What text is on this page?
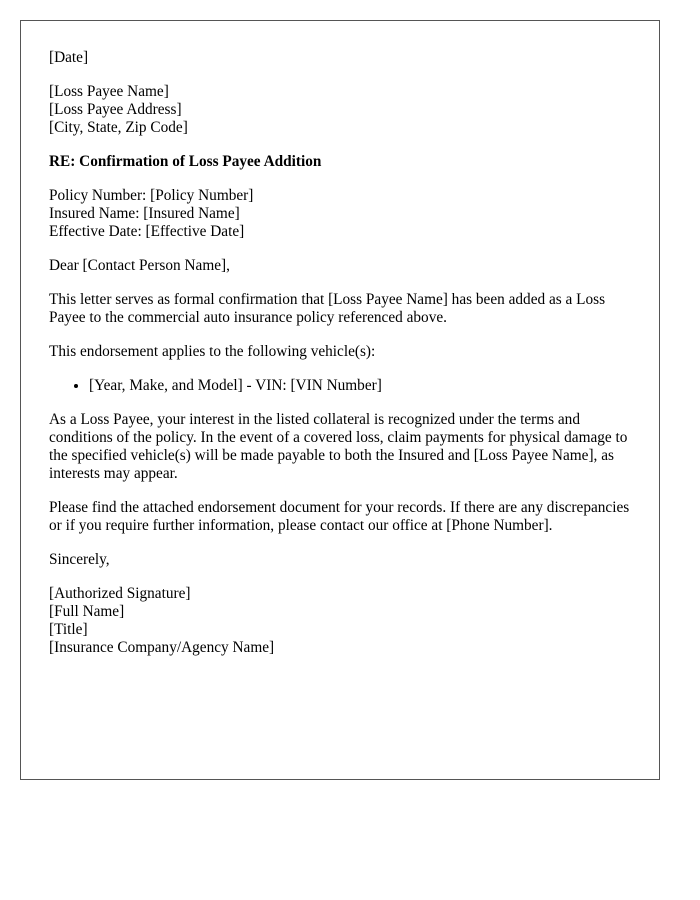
[Date]
[Loss Payee Name]
[Loss Payee Address]
[City, State, Zip Code]
RE: Confirmation of Loss Payee Addition
Policy Number: [Policy Number]
Insured Name: [Insured Name]
Effective Date: [Effective Date]

Dear [Contact Person Name],

This letter serves as formal confirmation that [Loss Payee Name] has been added as a Loss Payee to the commercial auto insurance policy referenced above.

This endorsement applies to the following vehicle(s):

• [Year, Make, and Model] - VIN: [VIN Number]

As a Loss Payee, your interest in the listed collateral is recognized under the terms and conditions of the policy. In the event of a covered loss, claim payments for physical damage to the specified vehicle(s) will be made payable to both the Insured and [Loss Payee Name], as interests may appear.

Please find the attached endorsement document for your records. If there are any discrepancies or if you require further information, please contact our office at [Phone Number].

Sincerely,

[Authorized Signature]
[Full Name]
[Title]
[Insurance Company/Agency Name]
